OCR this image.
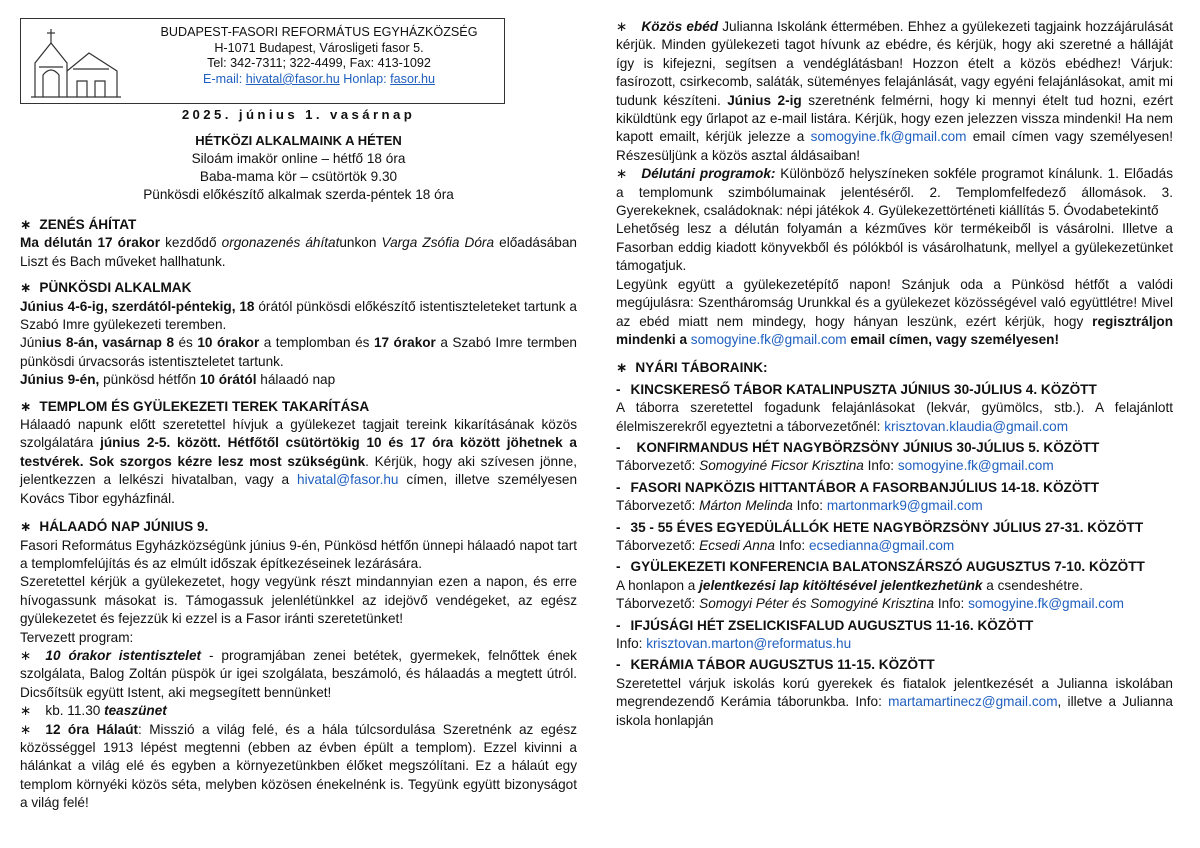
BUDAPEST-FASORI REFORMÁTUS EGYHÁZKÖZSÉG
H-1071 Budapest, Városligeti fasor 5.
Tel: 342-7311; 322-4499, Fax: 413-1092
E-mail: hivatal@fasor.hu Honlap: fasor.hu
2025. június 1. vasárnap
HÉTKÖZI ALKALMAINK A HÉTEN
Siloám imakör online – hétfő 18 óra
Baba-mama kör – csütörtök 9.30
Pünkösdi előkészítő alkalmak szerda-péntek 18 óra
∗ ZENÉS ÁHÍTAT

Ma délután 17 órakor kezdődő orgonazenés áhítatunkon Varga Zsófia Dóra előadásában Liszt és Bach műveket hallhatunk.

∗ PÜNKÖSDI ALKALMAK

Június 4-6-ig, szerdától-péntekig, 18 órától pünkösdi előkészítő istentiszteleteket tartunk a Szabó Imre gyülekezeti teremben.

Június 8-án, vasárnap 8 és 10 órakor a templomban és 17 órakor a Szabó Imre termben pünkösdi úrvacsorás istentiszteletet tartunk.

Június 9-én, pünkösd hétfőn 10 órától hálaadó nap

∗ TEMPLOM ÉS GYÜLEKEZETI TEREK TAKARÍTÁSA

Hálaadó napunk előtt szeretettel hívjuk a gyülekezet tagjait tereink kikarításának közös szolgálatára június 2-5. között. Hétfőtől csütörtökig 10 és 17 óra között jöhetnek a testvérek. Sok szorgos kézre lesz most szükségünk. Kérjük, hogy aki szívesen jönne, jelentkezzen a lelkészi hivatalban, vagy a hivatal@fasor.hu címen, illetve személyesen Kovács Tibor egyházfinál.

∗ HÁLAADÓ NAP JÚNIUS 9.

Fasori Református Egyházközségünk június 9-én, Pünkösd hétfőn ünnepi hálaadó napot tart a templomfelújítás és az elmúlt időszak építkezéseinek lezárására.

Szeretettel kérjük a gyülekezetet, hogy vegyünk részt mindannyian ezen a napon, és erre hívogassunk másokat is. Támogassuk jelenlétünkkel az idejövő vendégeket, az egész gyülekezetet és fejezzük ki ezzel is a Fasor iránti szeretetünket!

Tervezett program:

∗ 10 órakor istentisztelet - programjában zenei betétek, gyermekek, felnőttek ének szolgálata, Balog Zoltán püspök úr igei szolgálata, beszámoló, és hálaadás a megtett útról. Dicsőítsük együtt Istent, aki megsegített bennünket!

∗ kb. 11.30 teaszünet

∗ 12 óra Hálaút: Misszió a világ felé, és a hála túlcsordulása Szeretnénk az egész közösséggel 1913 lépést megtenni (ebben az évben épült a templom). Ezzel kivinni a hálánkat a világ elé és egyben a környezetünkben élőket megszólítani. Ez a hálaút egy templom környéki közös séta, melyben közösen énekelnénk is. Tegyünk együtt bizonyságot a világ felé!

∗ Közös ebéd Julianna Iskolánk éttermében. Ehhez a gyülekezeti tagjaink hozzájárulását kérjük. Minden gyülekezeti tagot hívunk az ebédre, és kérjük, hogy aki szeretné a hálláját így is kifejezni, segítsen a vendéglátásban! Hozzon ételt a közös ebédhez! Várjuk: fasírozott, csirkecomb, saláták, süteményes felajánlását, vagy egyéni felajánlásokat, amit mi tudunk készíteni. Június 2-ig szeretnénk felmérni, hogy ki mennyi ételt tud hozni, ezért kiküldtünk egy űrlapot az e-mail listára. Kérjük, hogy ezen jelezzen vissza mindenki! Ha nem kapott emailt, kérjük jelezze a somogyine.fk@gmail.com email címen vagy személyesen! Részesüljünk a közös asztal áldásaiban!

∗ Délutáni programok: Különböző helyszíneken sokféle programot kínálunk. 1. Előadás a templomunk szimbólumainak jelentéséről. 2. Templomfelfedező állomások. 3. Gyerekeknek, családoknak: népi játékok 4. Gyülekezettörténeti kiállítás 5. Óvodabetekintő

Lehetőség lesz a délután folyamán a kézműves kör termékeiből is vásárolni. Illetve a Fasorban eddig kiadott könyvekből és pólókból is vásárolhatunk, mellyel a gyülekezetünket támogatjuk.

Legyünk együtt a gyülekezetépítő napon! Szánjuk oda a Pünkösd hétfőt a valódi megújulásra: Szentháromság Urunkkal és a gyülekezet közösségével való együttlétre! Mivel az ebéd miatt nem mindegy, hogy hányan leszünk, ezért kérjük, hogy regisztráljon mindenki a somogyine.fk@gmail.com email címen, vagy személyesen!

∗ NYÁRI TÁBORAINK:
- KINCSKERESŐ TÁBOR KATALINPUSZTA JÚNIUS 30-JÚLIUS 4. KÖZÖTT

A táborra szeretettel fogadunk felajánlásokat (lekvár, gyümölcs, stb.). A felajánlott élelmiszerekről egyeztetni a táborvezetőnél: krisztovan.klaudia@gmail.com

- KONFIRMANDUS HÉT NAGYBÖRZSÖNY JÚNIUS 30-JÚLIUS 5. KÖZÖTT

Táborvezető: Somogyiné Ficsor Krisztina Info: somogyine.fk@gmail.com

- FASORI NAPKÖZIS HITTANTÁBOR A FASORBANJÚLIUS 14-18. KÖZÖTT

Táborvezető: Márton Melinda Info: martonmark9@gmail.com

- 35 - 55 ÉVES EGYEDÜLÁLLÓK HETE NAGYBÖRZSÖNY JÚLIUS 27-31. KÖZÖTT

Táborvezető: Ecsedi Anna Info: ecsedianna@gmail.com

- GYÜLEKEZETI KONFERENCIA BALATONSZÁRSZÓ AUGUSZTUS 7-10. KÖZÖTT

A honlapon a jelentkezési lap kitöltésével jelentkezhetünk a csendeshétre.

Táborvezető: Somogyi Péter és Somogyiné Krisztina Info: somogyine.fk@gmail.com

- IFJÚSÁGI HÉT ZSELICKISFALUD AUGUSZTUS 11-16. KÖZÖTT

Info: krisztovan.marton@reformatus.hu

- KERÁMIA TÁBOR AUGUSZTUS 11-15. KÖZÖTT

Szeretettel várjuk iskolás korú gyerekek és fiatalok jelentkezését a Julianna iskolában megrendezendő Kerámia táborunkba. Info: martamartinecz@gmail.com, illetve a Julianna iskola honlapján
